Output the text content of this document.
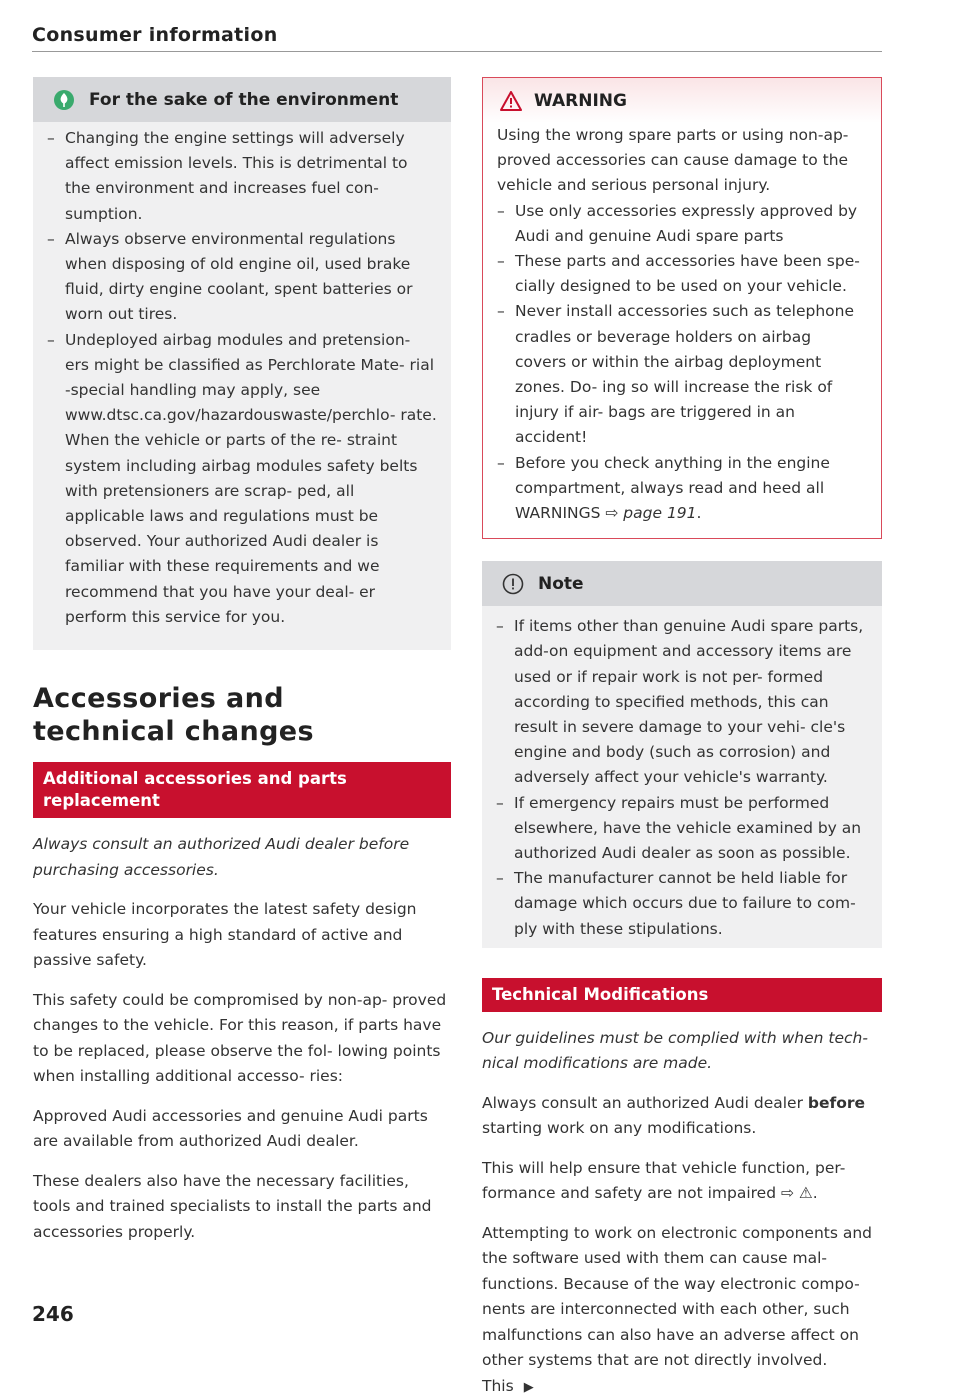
Consumer information
For the sake of the environment
– Changing the engine settings will adversely affect emission levels. This is detrimental to the environment and increases fuel con- sumption.
– Always observe environmental regulations when disposing of old engine oil, used brake fluid, dirty engine coolant, spent batteries or worn out tires.
– Undeployed airbag modules and pretension- ers might be classified as Perchlorate Mate- rial -special handling may apply, see www.dtsc.ca.gov/hazardouswaste/perchlo- rate. When the vehicle or parts of the re- straint system including airbag modules safety belts with pretensioners are scrap- ped, all applicable laws and regulations must be observed. Your authorized Audi dealer is familiar with these requirements and we recommend that you have your deal- er perform this service for you.
Accessories and
technical changes
Additional accessories and parts replacement

Always consult an authorized Audi dealer before purchasing accessories.

Your vehicle incorporates the latest safety design features ensuring a high standard of active and passive safety.

This safety could be compromised by non-ap- proved changes to the vehicle. For this reason, if parts have to be replaced, please observe the fol- lowing points when installing additional accesso- ries:

Approved Audi accessories and genuine Audi parts are available from authorized Audi dealer.

These dealers also have the necessary facilities, tools and trained specialists to install the parts and accessories properly.

WARNING

Using the wrong spare parts or using non-ap- proved accessories can cause damage to the vehicle and serious personal injury.

– Use only accessories expressly approved by Audi and genuine Audi spare parts
– These parts and accessories have been spe- cially designed to be used on your vehicle.
– Never install accessories such as telephone cradles or beverage holders on airbag covers or within the airbag deployment zones. Do- ing so will increase the risk of injury if air- bags are triggered in an accident!
– Before you check anything in the engine compartment, always read and heed all WARNINGS ⇨ page 191.
Note
– If items other than genuine Audi spare parts, add-on equipment and accessory items are used or if repair work is not per- formed according to specified methods, this can result in severe damage to your vehi- cle's engine and body (such as corrosion) and adversely affect your vehicle's warranty.
– If emergency repairs must be performed elsewhere, have the vehicle examined by an authorized Audi dealer as soon as possible.
– The manufacturer cannot be held liable for damage which occurs due to failure to com- ply with these stipulations.
Technical Modifications

Our guidelines must be complied with when tech- nical modifications are made.

Always consult an authorized Audi dealer before starting work on any modifications.

This will help ensure that vehicle function, per- formance and safety are not impaired ⇨ ⚠.

Attempting to work on electronic components and the software used with them can cause mal- functions. Because of the way electronic compo- nents are interconnected with each other, such malfunctions can also have an adverse affect on other systems that are not directly involved. This ▶

246
